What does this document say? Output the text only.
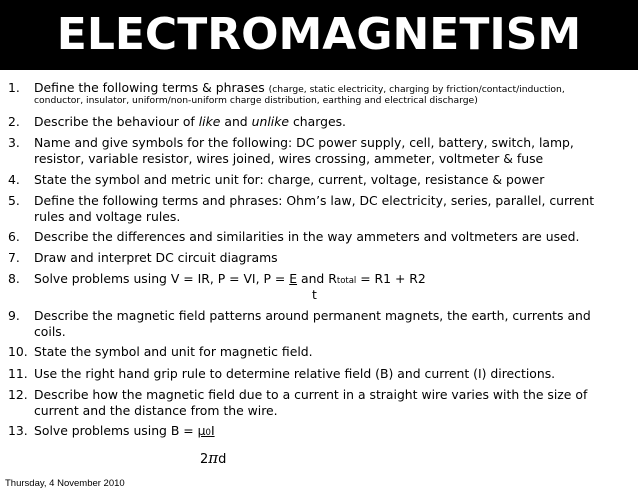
ELECTROMAGNETISM
1. Define the following terms & phrases (charge, static electricity, charging by friction/contact/induction,
conductor, insulator, uniform/non-uniform charge distribution, earthing and electrical discharge)
2. Describe the behaviour of like and unlike charges.
3. Name and give symbols for the following: DC power supply, cell, battery, switch, lamp, resistor, variable resistor, wires joined, wires crossing, ammeter, voltmeter & fuse
4. State the symbol and metric unit for: charge, current, voltage, resistance & power
5. Define the following terms and phrases: Ohm’s law, DC electricity, series, parallel, current rules and voltage rules.
6. Describe the differences and similarities in the way ammeters and voltmeters are used.
7. Draw and interpret DC circuit diagrams
8. Solve problems using V = IR, P = VI, P = E and Rtotal = R1 + R2
t
9. Describe the magnetic field patterns around permanent magnets, the earth, currents and coils.
10. State the symbol and unit for magnetic field.
11. Use the right hand grip rule to determine relative field (B) and current (I) directions.
12. Describe how the magnetic field due to a current in a straight wire varies with the size of current and the distance from the wire.
13. Solve problems using B = μ0I
2πd
Thursday, 4 November 2010
